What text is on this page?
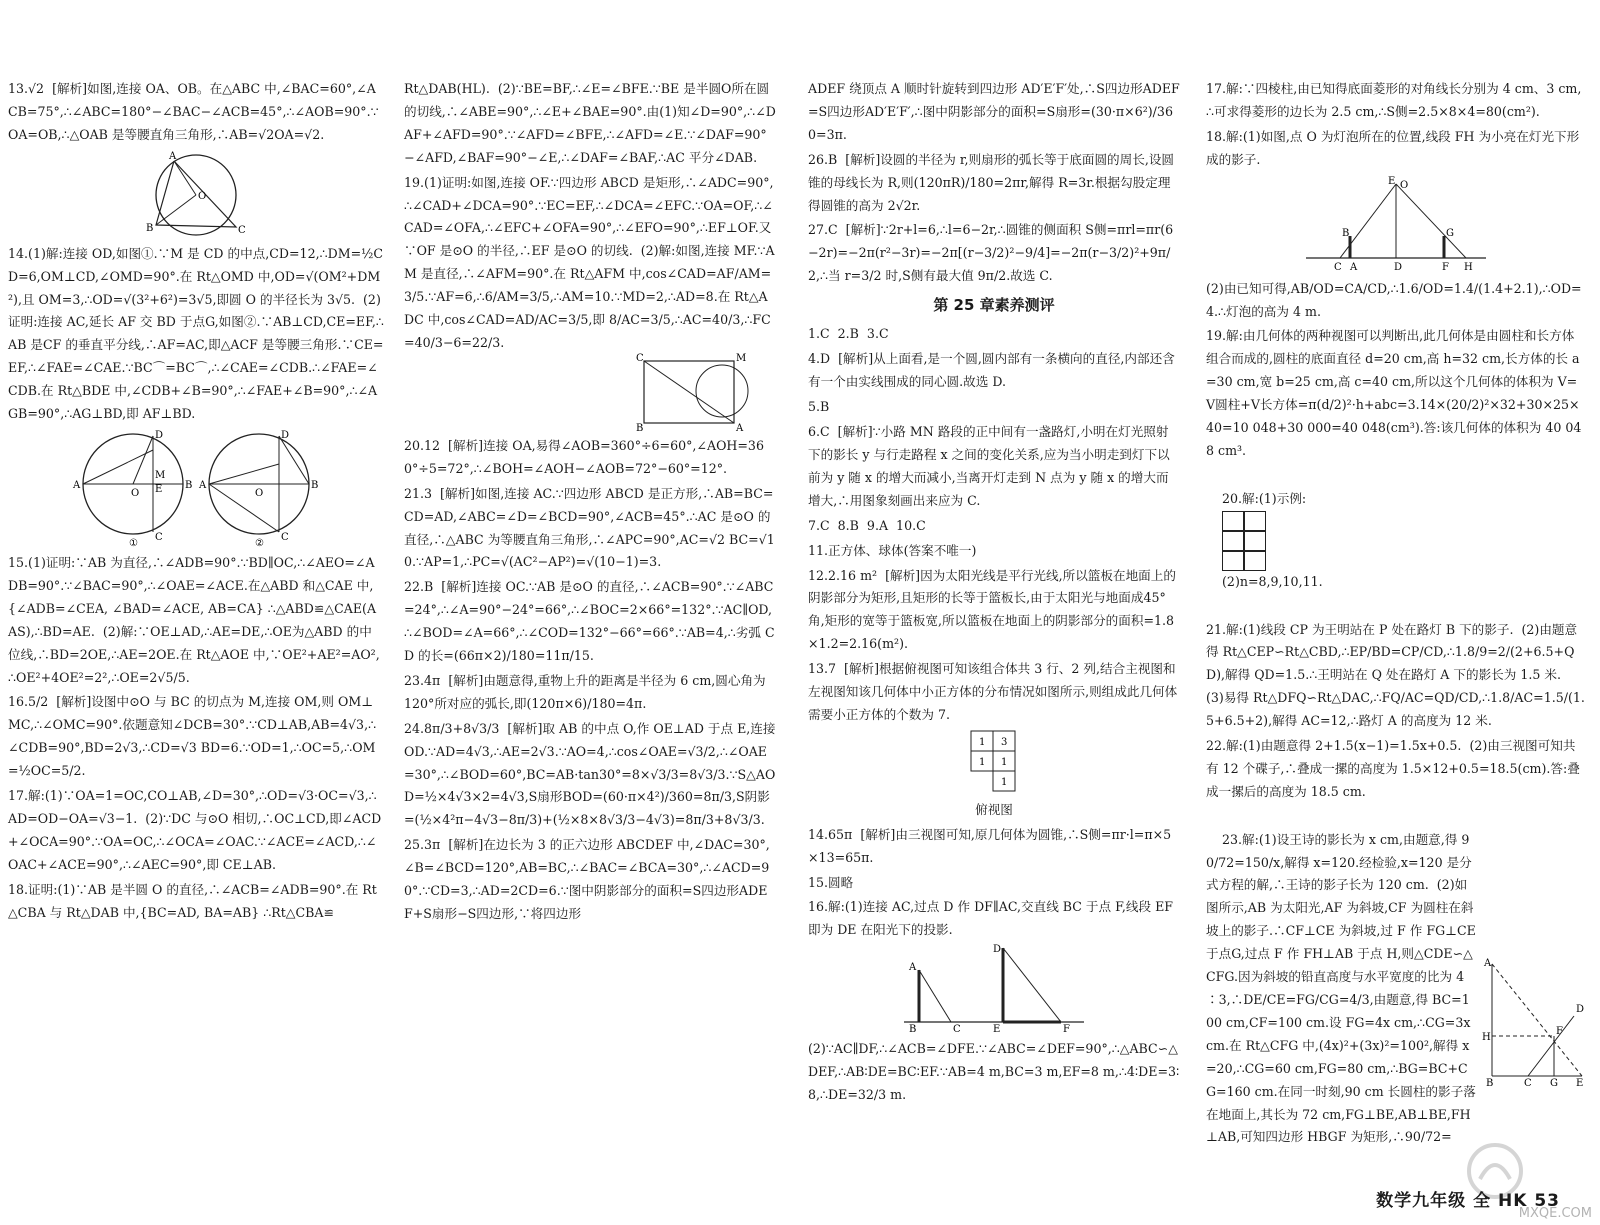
13.√2  [解析]如图,连接 OA、OB。在△ABC 中,∠BAC=60°,∠ACB=75°,∴∠ABC=180°−∠BAC−∠ACB=45°,∴∠AOB=90°.∵OA=OB,∴△OAB 是等腰直角三角形,∴AB=√2OA=√2.
A
B	C
O
14.(1)解:连接 OD,如图①.∵M 是 CD 的中点,CD=12,∴DM=½CD=6,OM⊥CD,∠OMD=90°.在 Rt△OMD 中,OD=√(OM²+DM²),且 OM=3,∴OD=√(3²+6²)=3√5,即圆 O 的半径长为 3√5.  (2)证明:连接 AC,延长 AF 交 BD 于点G,如图②.∵AB⊥CD,CE=EF,∴AB 是CF 的垂直平分线,∴AF=AC,即△ACF 是等腰三角形.∵CE=EF,∴∠FAE=∠CAE.∵BC⌒=BC⌒,∴∠CAE=∠CDB.∴∠FAE=∠CDB.在 Rt△BDE 中,∠CDB+∠B=90°,∴∠FAE+∠B=90°,∴∠AGB=90°,∴AG⊥BD,即 AF⊥BD.
A
D
O
M
E
C
B
①
A
D
O
C
B
②
15.(1)证明:∵AB 为直径,∴∠ADB=90°.∵BD∥OC,∴∠AEO=∠ADB=90°.∵∠BAC=90°,∴∠OAE=∠ACE.在△ABD 和△CAE 中,{∠ADB=∠CEA, ∠BAD=∠ACE, AB=CA} ∴△ABD≌△CAE(AAS),∴BD=AE.  (2)解:∵OE⊥AD,∴AE=DE,∴OE为△ABD 的中位线,∴BD=2OE,∴AE=2OE.在 Rt△AOE 中,∵OE²+AE²=AO²,∴OE²+4OE²=2²,∴OE=2√5/5.
16.5/2  [解析]设图中⊙O 与 BC 的切点为 M,连接 OM,则 OM⊥MC,∴∠OMC=90°.依题意知∠DCB=30°.∵CD⊥AB,AB=4√3,∴∠CDB=90°,BD=2√3,∴CD=√3 BD=6.∵OD=1,∴OC=5,∴OM=½OC=5/2.
17.解:(1)∵OA=1=OC,CO⊥AB,∠D=30°,∴OD=√3·OC=√3,∴AD=OD−OA=√3−1.  (2)∵DC 与⊙O 相切,∴OC⊥CD,即∠ACD+∠OCA=90°.∵OA=OC,∴∠OCA=∠OAC.∵∠ACE=∠ACD,∴∠OAC+∠ACE=90°,∴∠AEC=90°,即 CE⊥AB.
18.证明:(1)∵AB 是半圆 O 的直径,∴∠ACB=∠ADB=90°.在 Rt△CBA 与 Rt△DAB 中,{BC=AD, BA=AB} ∴Rt△CBA≌
Rt△DAB(HL).  (2)∵BE=BF,∴∠E=∠BFE.∵BE 是半圆O所在圆的切线,∴∠ABE=90°,∴∠E+∠BAE=90°.由(1)知∠D=90°,∴∠DAF+∠AFD=90°.∵∠AFD=∠BFE,∴∠AFD=∠E.∵∠DAF=90°−∠AFD,∠BAF=90°−∠E,∴∠DAF=∠BAF,∴AC 平分∠DAB.
19.(1)证明:如图,连接 OF.∵四边形 ABCD 是矩形,∴∠ADC=90°,∴∠CAD+∠DCA=90°.∵EC=EF,∴∠DCA=∠EFC.∵OA=OF,∴∠CAD=∠OFA,∴∠EFC+∠OFA=90°,∴∠EFO=90°,∴EF⊥OF.又∵OF 是⊙O 的半径,∴EF 是⊙O 的切线.  (2)解:如图,连接 MF.∵AM 是直径,∴∠AFM=90°.在 Rt△AFM 中,cos∠CAD=AF/AM=3/5.∵AF=6,∴6/AM=3/5,∴AM=10.∵MD=2,∴AD=8.在 Rt△ADC 中,cos∠CAD=AD/AC=3/5,即 8/AC=3/5,∴AC=40/3,∴FC=40/3−6=22/3.
C
B
M
A
20.12  [解析]连接 OA,易得∠AOB=360°÷6=60°,∠AOH=360°÷5=72°,∴∠BOH=∠AOH−∠AOB=72°−60°=12°.
21.3  [解析]如图,连接 AC.∵四边形 ABCD 是正方形,∴AB=BC=CD=AD,∠ABC=∠D=∠BCD=90°,∠ACB=45°.∴AC 是⊙O 的直径,∴△ABC 为等腰直角三角形,∴∠APC=90°,AC=√2 BC=√10.∵AP=1,∴PC=√(AC²−AP²)=√(10−1)=3.
22.B  [解析]连接 OC.∵AB 是⊙O 的直径,∴∠ACB=90°.∵∠ABC=24°,∴∠A=90°−24°=66°,∴∠BOC=2×66°=132°.∵AC∥OD,∴∠BOD=∠A=66°,∴∠COD=132°−66°=66°.∵AB=4,∴劣弧 CD 的长=(66π×2)/180=11π/15.
23.4π  [解析]由题意得,重物上升的距离是半径为 6 cm,圆心角为 120°所对应的弧长,即(120π×6)/180=4π.
24.8π/3+8√3/3  [解析]取 AB 的中点 O,作 OE⊥AD 于点 E,连接 OD.∵AD=4√3,∴AE=2√3.∵AO=4,∴cos∠OAE=√3/2,∴∠OAE=30°,∴∠BOD=60°,BC=AB·tan30°=8×√3/3=8√3/3.∵S△AOD=½×4√3×2=4√3,S扇形BOD=(60·π×4²)/360=8π/3,S阴影=(½×4²π−4√3−8π/3)+(½×8×8√3/3−4√3)=8π/3+8√3/3.
25.3π  [解析]在边长为 3 的正六边形 ABCDEF 中,∠DAC=30°,∠B=∠BCD=120°,AB=BC,∴∠BAC=∠BCA=30°,∴∠ACD=90°.∵CD=3,∴AD=2CD=6.∵图中阴影部分的面积=S四边形ADEF+S扇形−S四边形,∵将四边形
ADEF 绕顶点 A 顺时针旋转到四边形 AD′E′F′处,∴S四边形ADEF=S四边形AD′E′F′,∴图中阴影部分的面积=S扇形=(30·π×6²)/360=3π.
26.B  [解析]设圆的半径为 r,则扇形的弧长等于底面圆的周长,设圆锥的母线长为 R,则(120πR)/180=2πr,解得 R=3r.根据勾股定理得圆锥的高为 2√2r.
27.C  [解析]∵2r+l=6,∴l=6−2r,∴圆锥的侧面积 S侧=πrl=πr(6−2r)=−2π(r²−3r)=−2π[(r−3/2)²−9/4]=−2π(r−3/2)²+9π/2,∴当 r=3/2 时,S侧有最大值 9π/2.故选 C.
第 25 章素养测评
1.C  2.B  3.C
4.D  [解析]从上面看,是一个圆,圆内部有一条横向的直径,内部还含有一个由实线围成的同心圆.故选 D.
5.B
6.C  [解析]∵小路 MN 路段的正中间有一盏路灯,小明在灯光照射下的影长 y 与行走路程 x 之间的变化关系,应为当小明走到灯下以前为 y 随 x 的增大而减小,当离开灯走到 N 点为 y 随 x 的增大而增大,∴用图象刻画出来应为 C.
7.C  8.B  9.A  10.C
11.正方体、球体(答案不唯一)
12.2.16 m²  [解析]因为太阳光线是平行光线,所以篮板在地面上的阴影部分为矩形,且矩形的长等于篮板长,由于太阳光与地面成45°角,矩形的宽等于篮板宽,所以篮板在地面上的阴影部分的面积=1.8×1.2=2.16(m²).
13.7  [解析]根据俯视图可知该组合体共 3 行、2 列,结合主视图和左视图知该几何体中小正方体的分布情况如图所示,则组成此几何体需要小正方体的个数为 7.
1 3
1 1
1
俯视图
14.65π  [解析]由三视图可知,原几何体为圆锥,∴S侧=πr·l=π×5×13=65π.
15.圆略
16.解:(1)连接 AC,过点 D 作 DF∥AC,交直线 BC 于点 F,线段 EF 即为 DE 在阳光下的投影.
A
B	C
D
E	F
(2)∵AC∥DF,∴∠ACB=∠DFE.∵∠ABC=∠DEF=90°,∴△ABC∽△DEF,∴AB∶DE=BC∶EF.∵AB=4 m,BC=3 m,EF=8 m,∴4∶DE=3∶8,∴DE=32/3 m.
17.解:∵四棱柱,由已知得底面菱形的对角线长分别为 4 cm、3 cm,∴可求得菱形的边长为 2.5 cm,∴S侧=2.5×8×4=80(cm²).
18.解:(1)如图,点 O 为灯泡所在的位置,线段 FH 为小亮在灯光下形成的影子.
E O
B	G
C A	D	F H
(2)由已知可得,AB/OD=CA/CD,∴1.6/OD=1.4/(1.4+2.1),∴OD=4.∴灯泡的高为 4 m.
19.解:由几何体的两种视图可以判断出,此几何体是由圆柱和长方体组合而成的,圆柱的底面直径 d=20 cm,高 h=32 cm,长方体的长 a=30 cm,宽 b=25 cm,高 c=40 cm,所以这个几何体的体积为 V=V圆柱+V长方体=π(d/2)²·h+abc=3.14×(20/2)²×32+30×25×40=10 048+30 000=40 048(cm³).答:该几何体的体积为 40 048 cm³.

20.解:(1)示例:

(2)n=8,9,10,11.

21.解:(1)线段 CP 为王明站在 P 处在路灯 B 下的影子.  (2)由题意得 Rt△CEP∽Rt△CBD,∴EP/BD=CP/CD,∴1.8/9=2/(2+6.5+QD),解得 QD=1.5.∴王明站在 Q 处在路灯 A 下的影长为 1.5 米.  (3)易得 Rt△DFQ∽Rt△DAC,∴FQ/AC=QD/CD,∴1.8/AC=1.5/(1.5+6.5+2),解得 AC=12,∴路灯 A 的高度为 12 米.
22.解:(1)由题意得 2+1.5(x−1)=1.5x+0.5.  (2)由三视图可知共有 12 个碟子,∴叠成一摞的高度为 1.5×12+0.5=18.5(cm).答:叠成一摞后的高度为 18.5 cm.

23.解:(1)设王诗的影长为 x cm,由题意,得 90/72=150/x,解得 x=120.经检验,x=120 是分式方程的解,∴王诗的影子长为 120 cm.  (2)如图所示,AB 为太阳光,AF 为斜坡,CF 为圆柱在斜坡上的影子.∴CF⊥CE 为斜坡,过 F 作 FG⊥CE 于点G,过点 F 作 FH⊥AB 于点 H,则△CDE∽△CFG.因为斜坡的铅直高度与水平宽度的比为 4∶3,∴DE/CE=FG/CG=4/3,由题意,得 BC=100 cm,CF=100 cm.设 FG=4x cm,∴CG=3x cm.在 Rt△CFG 中,(4x)²+(3x)²=100²,解得 x=20,∴CG=60 cm,FG=80 cm,∴BG=BC+CG=160 cm.在同一时刻,90 cm 长圆柱的影子落在地面上,其长为 72 cm,FG⊥BE,AB⊥BE,FH⊥AB,可知四边形 HBGF 为矩形,∴90/72=

A
H
B	C G E
F
D

数学九年级 全 HK 53
MXQE.COM
